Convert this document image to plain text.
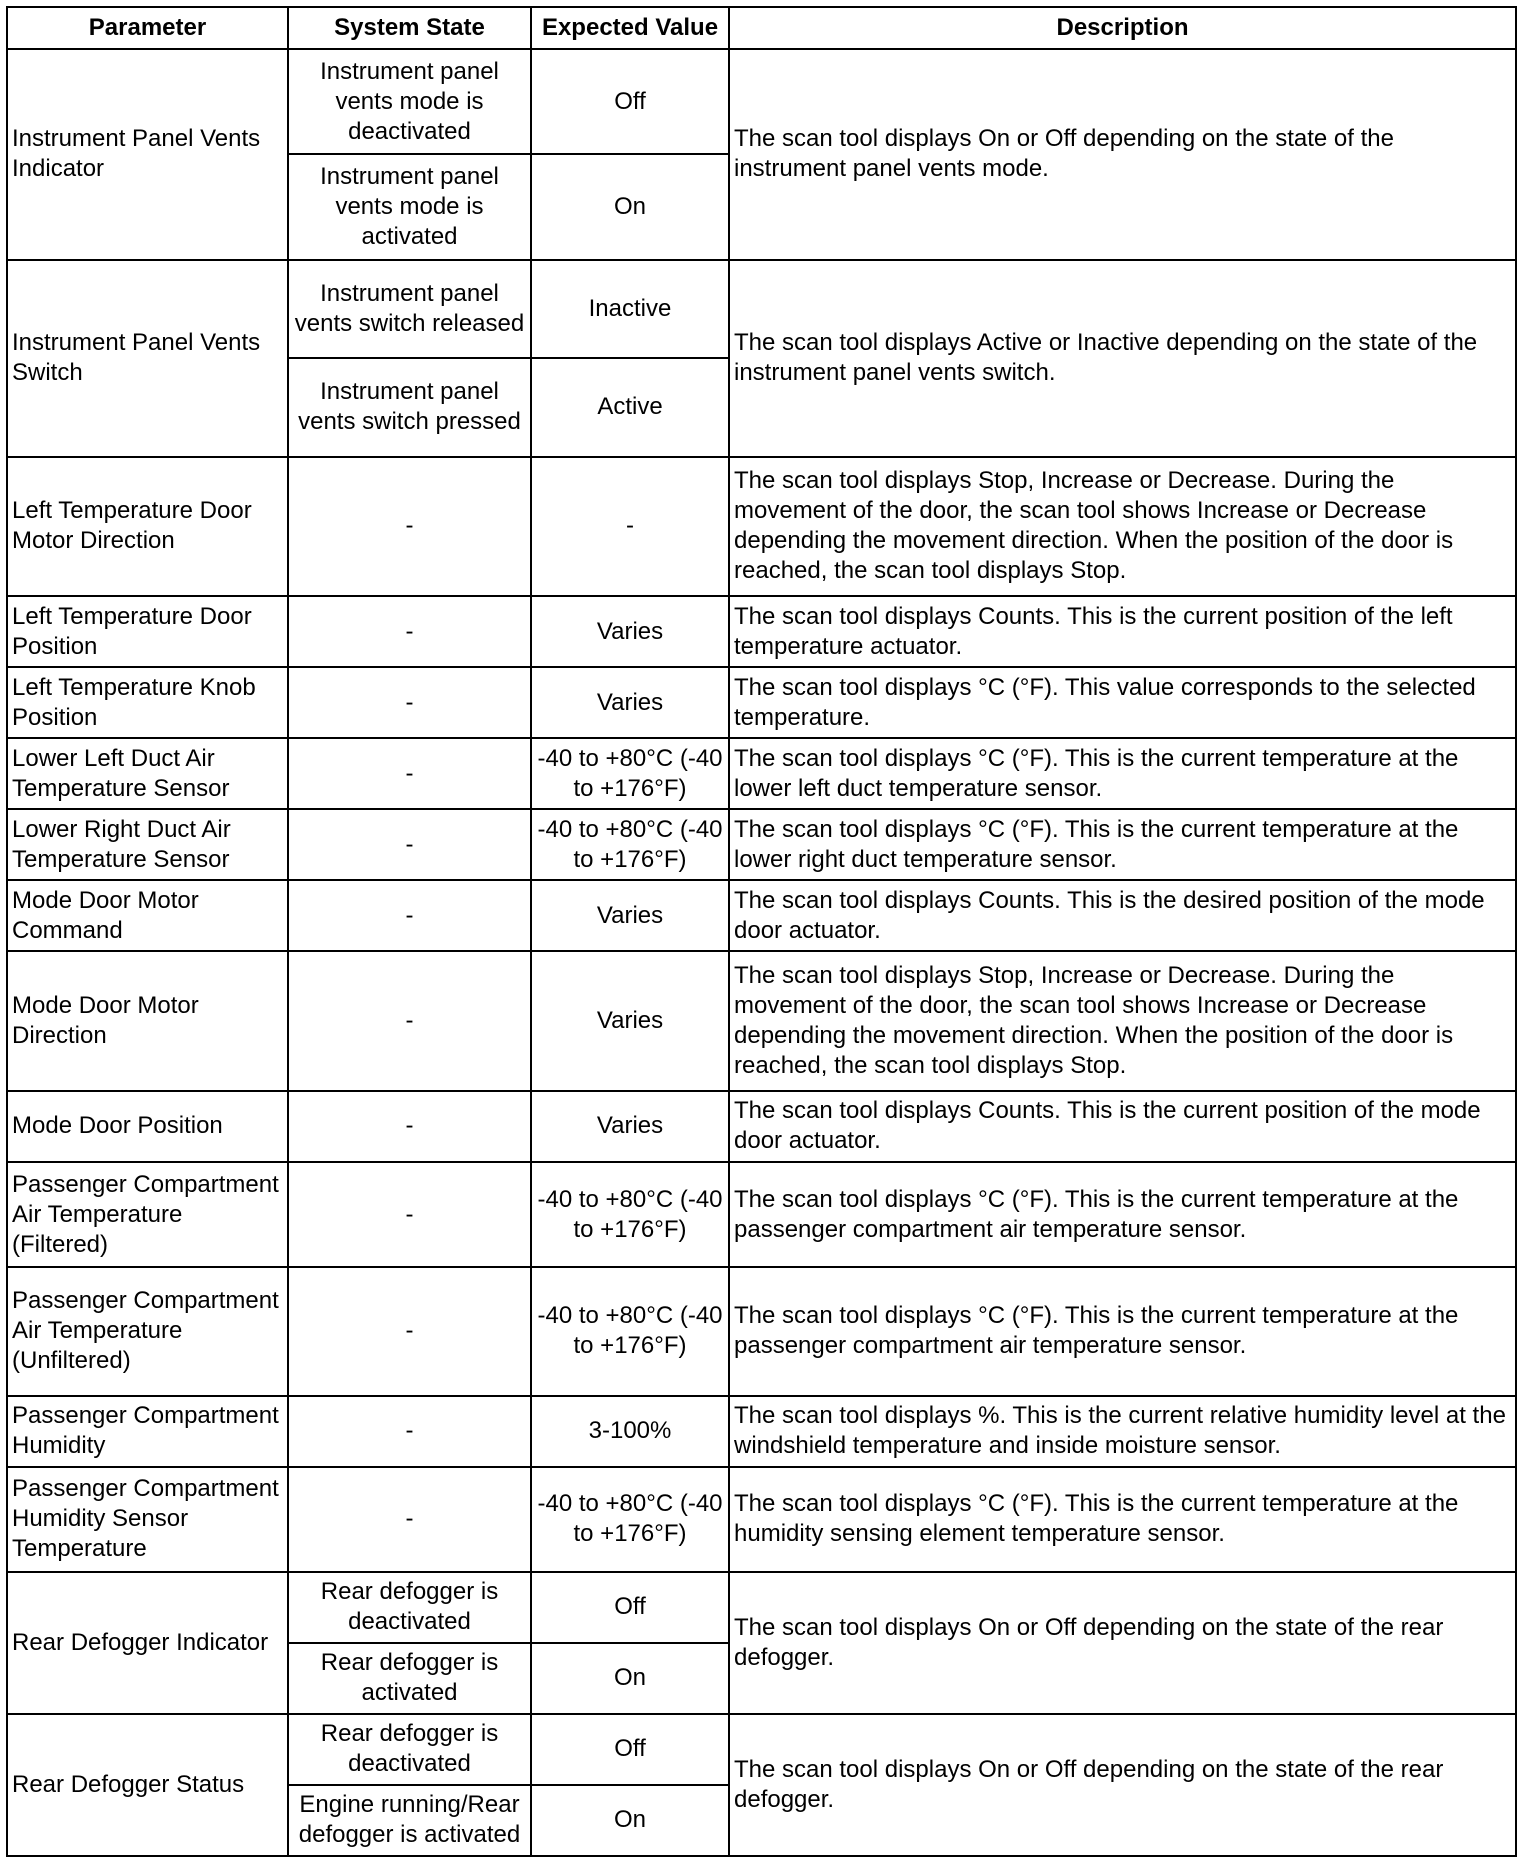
Parameter	System State	Expected Value	Description
Instrument Panel Vents Indicator	Instrument panel vents mode is deactivated	Off	The scan tool displays On or Off depending on the state of the instrument panel vents mode.
	Instrument panel vents mode is activated	On	
Instrument Panel Vents Switch	Instrument panel vents switch released	Inactive	The scan tool displays Active or Inactive depending on the state of the instrument panel vents switch.
	Instrument panel vents switch pressed	Active	
Left Temperature Door Motor Direction	-	-	The scan tool displays Stop, Increase or Decrease. During the movement of the door, the scan tool shows Increase or Decrease depending the movement direction. When the position of the door is reached, the scan tool displays Stop.
Left Temperature Door Position	-	Varies	The scan tool displays Counts. This is the current position of the left temperature actuator.
Left Temperature Knob Position	-	Varies	The scan tool displays °C (°F). This value corresponds to the selected temperature.
Lower Left Duct Air Temperature Sensor	-	-40 to +80°C (-40 to +176°F)	The scan tool displays °C (°F). This is the current temperature at the lower left duct temperature sensor.
Lower Right Duct Air Temperature Sensor	-	-40 to +80°C (-40 to +176°F)	The scan tool displays °C (°F). This is the current temperature at the lower right duct temperature sensor.
Mode Door Motor Command	-	Varies	The scan tool displays Counts. This is the desired position of the mode door actuator.
Mode Door Motor Direction	-	Varies	The scan tool displays Stop, Increase or Decrease. During the movement of the door, the scan tool shows Increase or Decrease depending the movement direction. When the position of the door is reached, the scan tool displays Stop.
Mode Door Position	-	Varies	The scan tool displays Counts. This is the current position of the mode door actuator.
Passenger Compartment Air Temperature (Filtered)	-	-40 to +80°C (-40 to +176°F)	The scan tool displays °C (°F). This is the current temperature at the passenger compartment air temperature sensor.
Passenger Compartment Air Temperature (Unfiltered)	-	-40 to +80°C (-40 to +176°F)	The scan tool displays °C (°F). This is the current temperature at the passenger compartment air temperature sensor.
Passenger Compartment Humidity	-	3-100%	The scan tool displays %. This is the current relative humidity level at the windshield temperature and inside moisture sensor.
Passenger Compartment Humidity Sensor Temperature	-	-40 to +80°C (-40 to +176°F)	The scan tool displays °C (°F). This is the current temperature at the humidity sensing element temperature sensor.
Rear Defogger Indicator	Rear defogger is deactivated	Off	The scan tool displays On or Off depending on the state of the rear defogger.
	Rear defogger is activated	On	
Rear Defogger Status	Rear defogger is deactivated	Off	The scan tool displays On or Off depending on the state of the rear defogger.
	Engine running/Rear defogger is activated	On	
